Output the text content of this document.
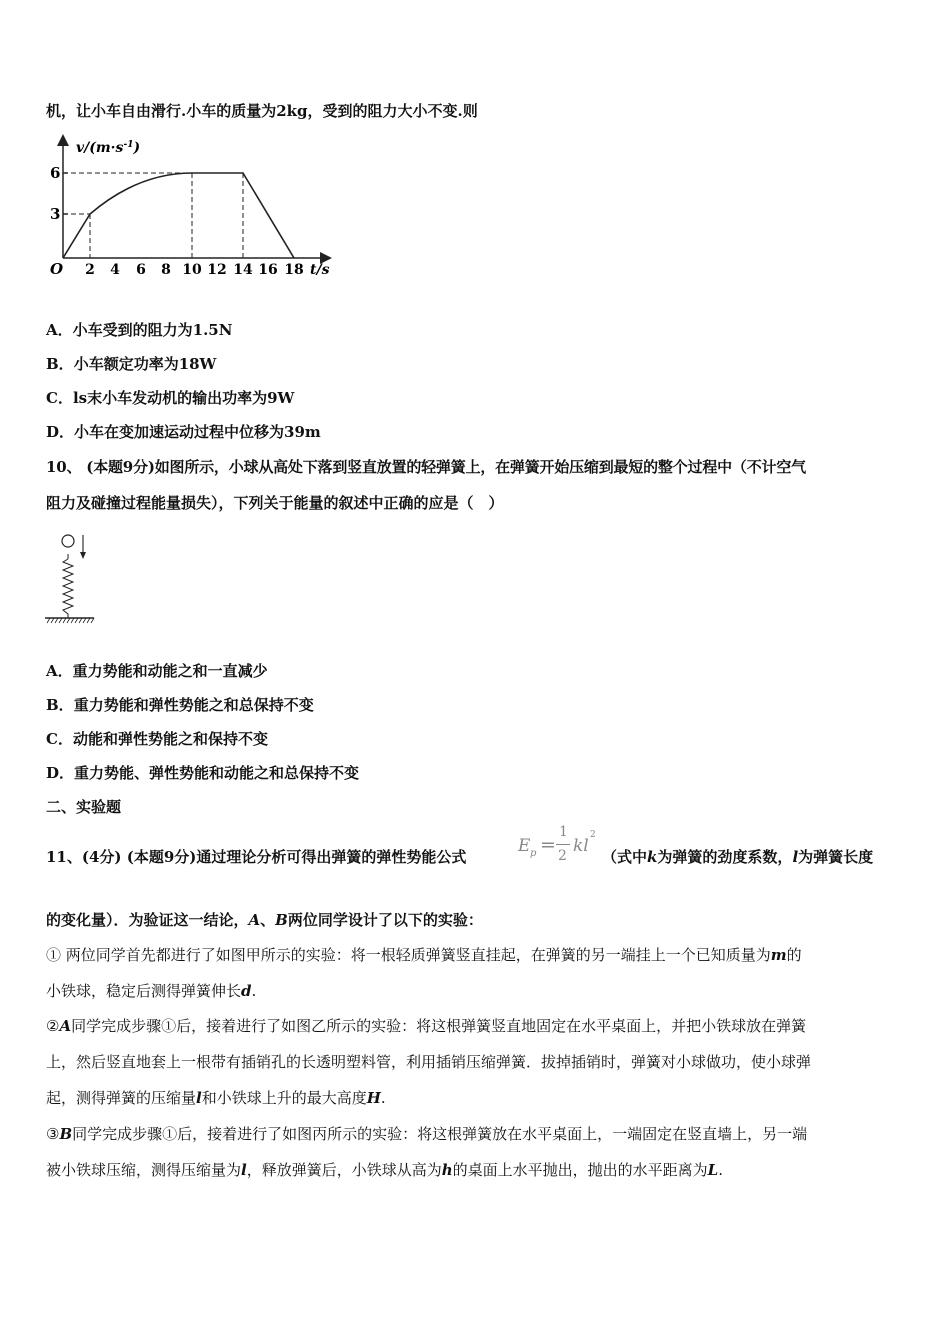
机，让小车自由滑行.小车的质量为2kg，受到的阻力大小不变.则
$v/(m\cdot s^{-1})$
O
6
3
2 4 6 8 10 12 14 16 18 t/s
A．小车受到的阻力为1.5N
B．小车额定功率为18W
C．ls末小车发动机的输出功率为9W
D．小车在变加速运动过程中位移为39m
10、 (本题9分)如图所示，小球从高处下落到竖直放置的轻弹簧上，在弹簧开始压缩到最短的整个过程中（不计空气
阻力及碰撞过程能量损失），下列关于能量的叙述中正确的应是（　）
A．重力势能和动能之和一直减少
B．重力势能和弹性势能之和总保持不变
C．动能和弹性势能之和保持不变
D．重力势能、弹性势能和动能之和总保持不变
二、实验题
11、(4分) (本题9分)通过理论分析可得出弹簧的弹性势能公式
E p =
1
2 kl
2
（式中k为弹簧的劲度系数，l为弹簧长度
的变化量）．为验证这一结论，A、B两位同学设计了以下的实验：
① 两位同学首先都进行了如图甲所示的实验：将一根轻质弹簧竖直挂起，在弹簧的另一端挂上一个已知质量为m的
小铁球，稳定后测得弹簧伸长d.
②A同学完成步骤①后，接着进行了如图乙所示的实验：将这根弹簧竖直地固定在水平桌面上，并把小铁球放在弹簧
上，然后竖直地套上一根带有插销孔的长透明塑料管，利用插销压缩弹簧．拔掉插销时，弹簧对小球做功，使小球弹
起，测得弹簧的压缩量l和小铁球上升的最大高度H.
③B同学完成步骤①后，接着进行了如图丙所示的实验：将这根弹簧放在水平桌面上，一端固定在竖直墙上，另一端
被小铁球压缩，测得压缩量为l，释放弹簧后，小铁球从高为h的桌面上水平抛出，抛出的水平距离为L.
